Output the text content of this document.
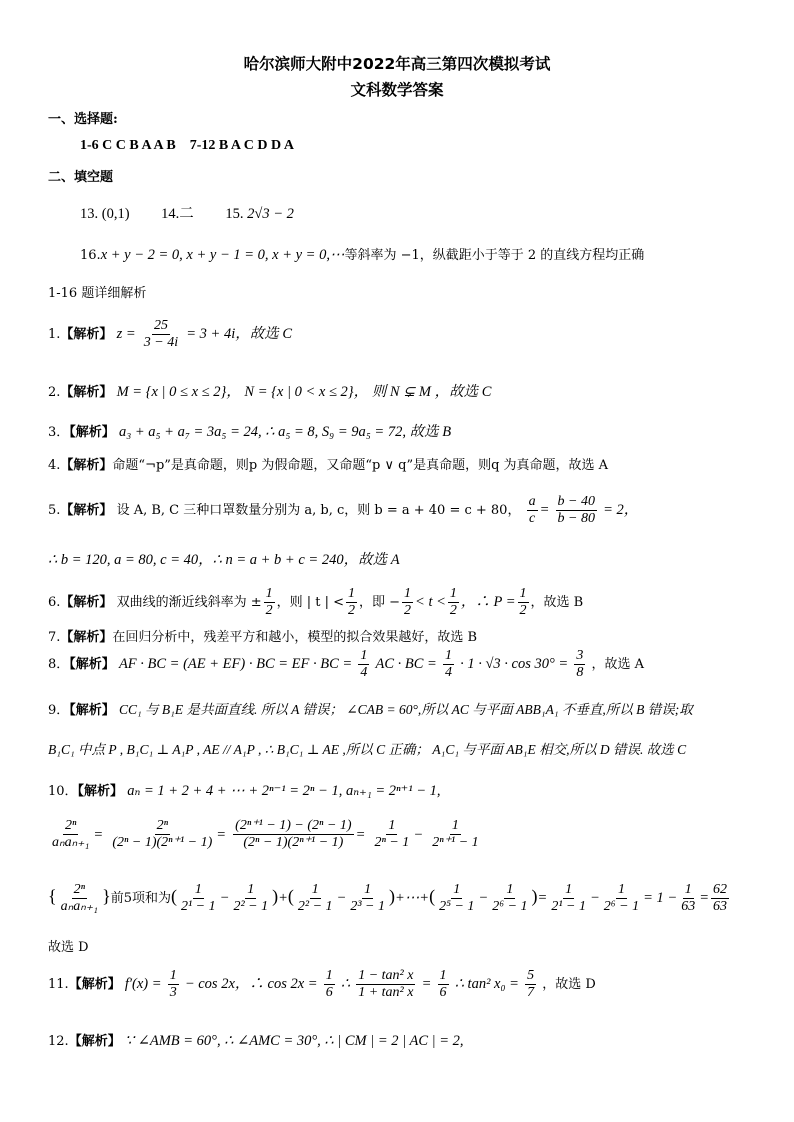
哈尔滨师大附中2022年高三第四次模拟考试
文科数学答案
一、选择题:
1-6 C C B A A B　7-12 B A C D D A
二、填空题
13. (0,1) 14.二 15. 2√3 − 2
16.x + y − 2 = 0, x + y − 1 = 0, x + y = 0,⋯等斜率为 −1，纵截距小于等于 2 的直线方程均正确
1-16 题详细解析
1.【解析】 $z = \frac{25}{3 - 4i} = 3 + 4i$，故选 C
2.【解析】 M = {x | 0 ≤ x ≤ 2}， N = {x | 0 < x ≤ 2}， 则 N ⊊ M ，故选 C
3．【解析】 a₃ + a₅ + a₇ = 3a₅ = 24, ∴ a₅ = 8, S₉ = 9a₅ = 72, 故选 B
4.【解析】命题“¬p”是真命题，则p 为假命题，又命题“p ∨ q”是真命题，则q 为真命题，故选 A
5.【解析】 设 A, B, C 三种口罩数量分别为 a, b, c，则 b = a + 40 = c + 80， $\frac{a}{c} = \frac{b - 40}{b - 80} = 2$，
∴ b = 120, a = 80, c = 40，∴ n = a + b + c = 240，故选 A
6.【解析】 双曲线的渐近线斜率为 ± $\frac{1}{2}$ ，则 | t | < $\frac{1}{2}$ ，即 − $\frac{1}{2} < t < \frac{1}{2}$ ，∴ $P = \frac{1}{2}$ ，故选 B
7.【解析】在回归分析中，残差平方和越小，模型的拟合效果越好，故选 B
8．【解析】 AF · BC = (AE + EF) · BC = EF · BC = $\frac{1}{4}$ AC · BC = $\frac{1}{4} \cdot 1 \cdot √3 \cdot \cos 30^\circ = \frac{3}{8}$ ，故选 A
9．【解析】 CC₁ 与 B₁E 是共面直线. 所以 A 错误； ∠CAB = 60°,所以 AC 与平面 ABB₁A₁ 不垂直,所以 B 错误;取
B₁C₁ 中点 P , B₁C₁ ⊥ A₁P , AE // A₁P , ∴ B₁C₁ ⊥ AE ,所以 C 正确； A₁C₁ 与平面 AB₁E 相交,所以 D 错误. 故选 C
10．【解析】 aₙ = 1 + 2 + 4 + ⋯ + 2ⁿ⁻¹ = 2ⁿ − 1, aₙ₊₁ = 2ⁿ⁺¹ − 1,
$\frac{\text{2ⁿ}}{\text{aₙaₙ₊₁}} = \frac{\text{2ⁿ}}{\text{(2ⁿ − 1)(2ⁿ⁺¹ − 1)}} = \frac{\text{(2ⁿ⁺¹ − 1) − (2ⁿ − 1)}}{\text{(2ⁿ − 1)(2ⁿ⁺¹ − 1)}} = \frac{1}{\text{2ⁿ − 1}} - \frac{1}{\text{2ⁿ⁺¹ − 1}}$
{ $\frac{\text{2ⁿ}}{\text{aₙaₙ₊₁}}$ }前5项和为( $\frac{1}{\text{2¹ − 1}} - \frac{1}{\text{2² − 1}}$ )+( $\frac{1}{\text{2² − 1}} - \frac{1}{\text{2³ − 1}}$ )+⋯+( $\frac{1}{\text{2⁵ − 1}} - \frac{1}{\text{2⁶ − 1}}$ )= $\frac{1}{\text{2¹ − 1}} - \frac{1}{\text{2⁶ − 1}} = 1 - \frac{1}{63} = \frac{62}{63}$
故选 D
11.【解析】 $f'(x) = \frac{1}{3} - \cos 2x$，∴ $\cos 2x = \frac{1}{6}$ ∴ $\frac{\text{1 − tan² x}}{\text{1 + tan² x}} = \frac{1}{6}$ ∴ tan² $x_0 = \frac{5}{7}$ ，故选 D
12.【解析】 ∵ ∠AMB = 60°, ∴ ∠AMC = 30°, ∴ | CM | = 2 | AC | = 2,
